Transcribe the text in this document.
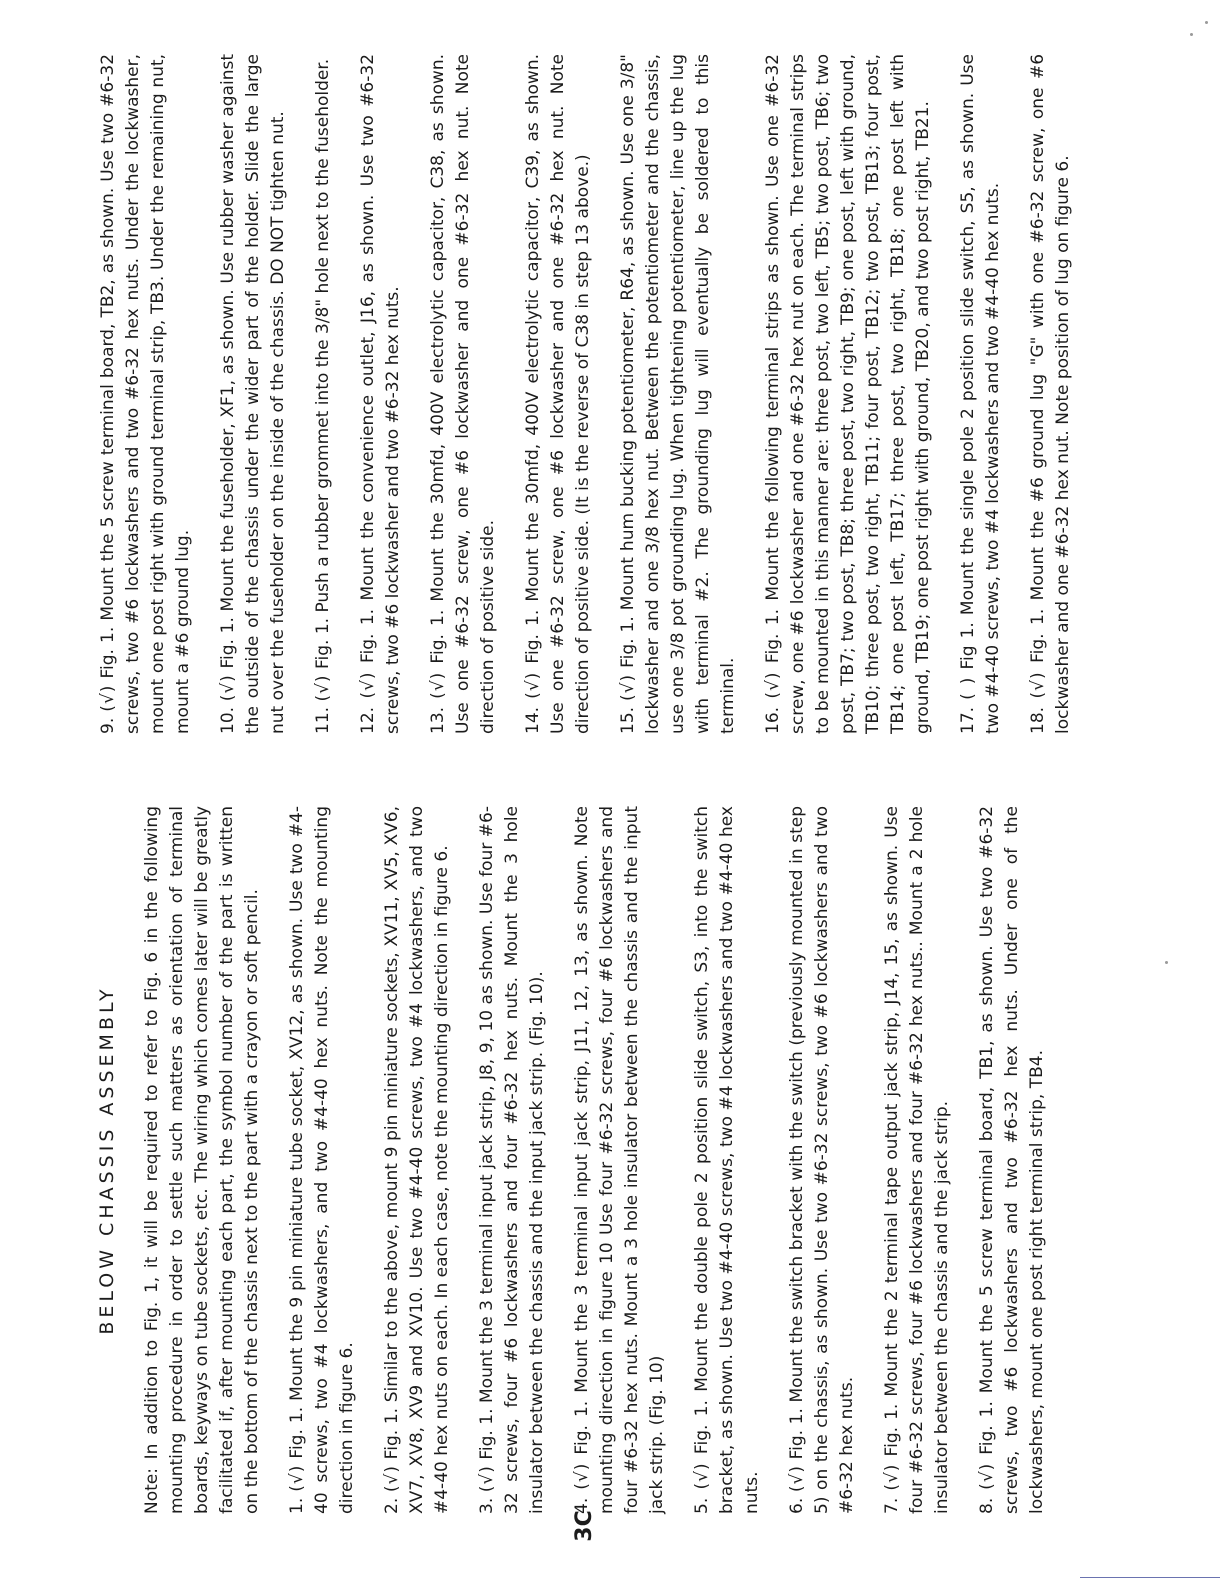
3C
BELOW CHASSIS ASSEMBLY Note: In addition to Fig. 1, it will be required to refer to Fig. 6 in the following mounting procedure in order to settle such matters as orientation of terminal boards, keyways on tube sockets, etc. The wiring which comes later will be greatly facilitated if, after mounting each part, the symbol number of the part is written on the bottom of the chassis next to the part with a crayon or soft pencil. 1. (√) Fig. 1. Mount the 9 pin miniature tube socket, XV12, as shown. Use two #4-40 screws, two #4 lockwashers, and two #4-40 hex nuts. Note the mounting direction in figure 6. 2. (√) Fig. 1. Similar to the above, mount 9 pin miniature sockets, XV11, XV5, XV6, XV7, XV8, XV9 and XV10. Use two #4-40 screws, two #4 lockwashers, and two #4-40 hex nuts on each. In each case, note the mounting direction in figure 6. 3. (√) Fig. 1. Mount the 3 terminal input jack strip, J8, 9, 10 as shown. Use four #6-32 screws, four #6 lockwashers and four #6-32 hex nuts. Mount the 3 hole insulator between the chassis and the input jack strip. (Fig. 10). 4. (√) Fig. 1. Mount the 3 terminal input jack strip, J11, 12, 13, as shown. Note mounting direction in figure 10 Use four #6-32 screws, four #6 lockwashers and four #6-32 hex nuts. Mount a 3 hole insulator between the chassis and the input jack strip. (Fig. 10) 5. (√) Fig. 1. Mount the double pole 2 position slide switch, S3, into the switch bracket, as shown. Use two #4-40 screws, two #4 lockwashers and two #4-40 hex nuts. 6. (√) Fig. 1. Mount the switch bracket with the switch (previously mounted in step 5) on the chassis, as shown. Use two #6-32 screws, two #6 lockwashers and two #6-32 hex nuts. 7. (√) Fig. 1. Mount the 2 terminal tape output jack strip, J14, 15, as shown. Use four #6-32 screws, four #6 lockwashers and four #6-32 hex nuts.. Mount a 2 hole insulator between the chassis and the jack strip. 8. (√) Fig. 1. Mount the 5 screw terminal board, TB1, as shown. Use two #6-32 screws, two #6 lockwashers and two #6-32 hex nuts. Under one of the lockwashers, mount one post right terminal strip, TB4.

9. (√) Fig. 1. Mount the 5 screw terminal board, TB2, as shown. Use two #6-32 screws, two #6 lockwashers and two #6-32 hex nuts. Under the lockwasher, mount one post right with ground terminal strip, TB3. Under the remaining nut, mount a #6 ground lug. 10. (√) Fig. 1. Mount the fuseholder, XF1, as shown. Use rubber washer against the outside of the chassis under the wider part of the holder. Slide the large nut over the fuseholder on the inside of the chassis. DO NOT tighten nut. 11. (√) Fig. 1. Push a rubber grommet into the 3/8" hole next to the fuseholder.

12. (√) Fig. 1. Mount the convenience outlet, J16, as shown. Use two #6-32 screws, two #6 lockwasher and two #6-32 hex nuts. 13. (√) Fig. 1. Mount the 30mfd, 400V electrolytic capacitor, C38, as shown. Use one #6-32 screw, one #6 lockwasher and one #6-32 hex nut. Note direction of positive side. 14. (√) Fig. 1. Mount the 30mfd, 400V electrolytic capacitor, C39, as shown. Use one #6-32 screw, one #6 lockwasher and one #6-32 hex nut. Note direction of positive side. (It is the reverse of C38 in step 13 above.) 15. (√) Fig. 1. Mount hum bucking potentiometer, R64, as shown. Use one 3/8" lockwasher and one 3/8 hex nut. Between the potentiometer and the chassis, use one 3/8 pot grounding lug. When tightening potentiometer, line up the lug with terminal #2. The grounding lug will eventually be soldered to this terminal. 16. (√) Fig. 1. Mount the following terminal strips as shown. Use one #6-32 screw, one #6 lockwasher and one #6-32 hex nut on each. The terminal strips to be mounted in this manner are: three post, two left, TB5; two post, TB6; two post, TB7; two post, TB8; three post, two right, TB9; one post, left with ground, TB10; three post, two right, TB11; four post, TB12; two post, TB13; four post, TB14; one post left, TB17; three post, two right, TB18; one post left with ground, TB19; one post right with ground, TB20, and two post right, TB21. 17. ( ) Fig 1. Mount the single pole 2 position slide switch, S5, as shown. Use two #4-40 screws, two #4 lockwashers and two #4-40 hex nuts. 18. (√) Fig. 1. Mount the #6 ground lug "G" with one #6-32 screw, one #6 lockwasher and one #6-32 hex nut. Note position of lug on figure 6.
